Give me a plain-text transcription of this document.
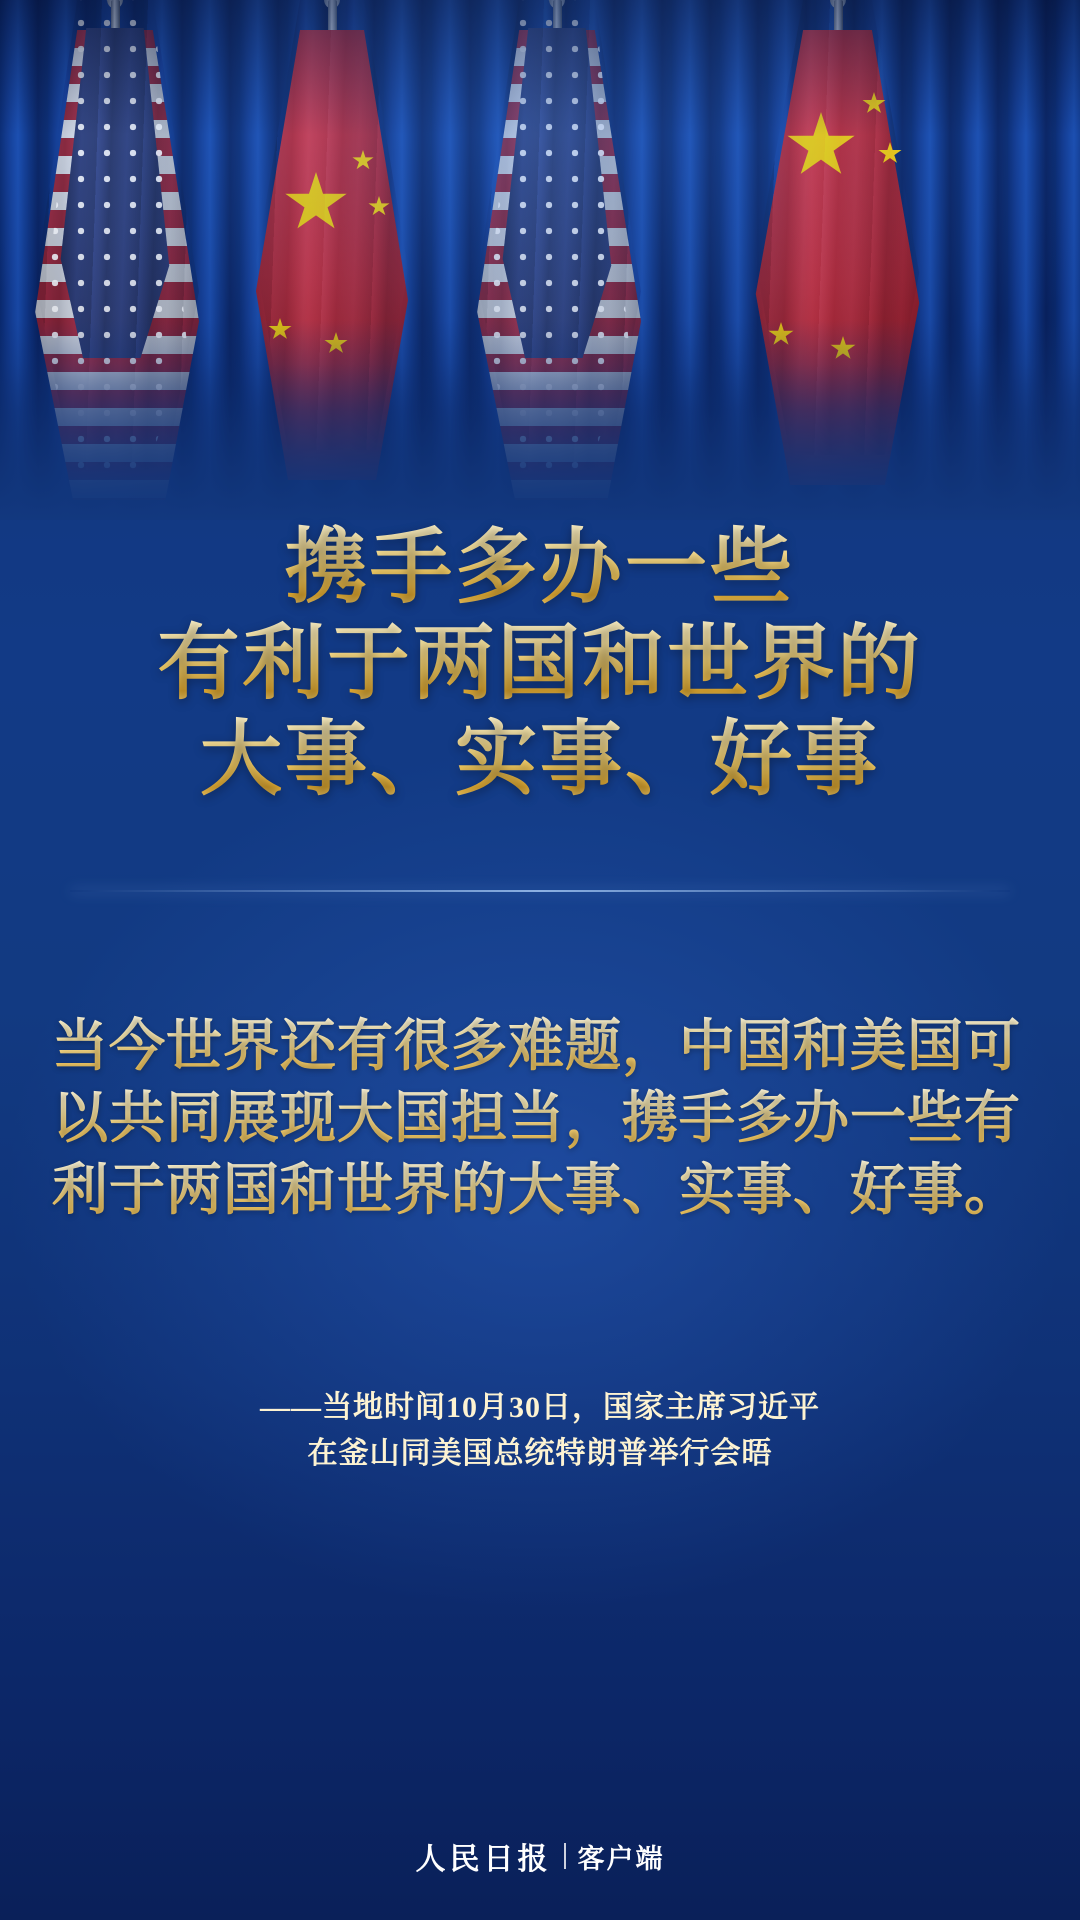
携手多办一些
有利于两国和世界的
大事、实事、好事
当今世界还有很多难题，中国和美国可
以共同展现大国担当，携手多办一些有
利于两国和世界的大事、实事、好事。
——当地时间10月30日，国家主席习近平
在釜山同美国总统特朗普举行会晤
人民日报 客户端
